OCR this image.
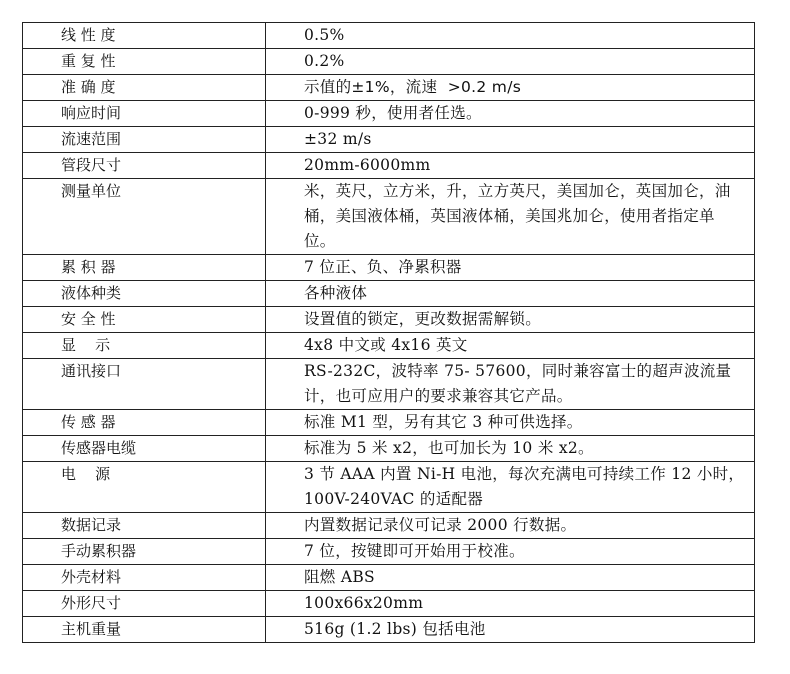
线 性 度	0.5%
重 复 性	0.2%
准 确 度	示值的±1%，流速  >0.2 m/s
响应时间	0-999 秒，使用者任选。
流速范围	±32 m/s
管段尺寸	20mm-6000mm
测量单位	米，英尺，立方米，升，立方英尺，美国加仑，英国加仑，油桶，美国液体桶，英国液体桶，美国兆加仑，使用者指定单位。
累 积 器	7 位正、负、净累积器
液体种类	各种液体
安 全 性	设置值的锁定，更改数据需解锁。
显    示	4x8 中文或 4x16 英文
通讯接口	RS-232C，波特率 75- 57600，同时兼容富士的超声波流量计，也可应用户的要求兼容其它产品。
传 感 器	标准 M1 型，另有其它 3 种可供选择。
传感器电缆	标准为 5 米 x2，也可加长为 10 米 x2。
电    源	3 节 AAA 内置 Ni-H 电池，每次充满电可持续工作 12 小时，100V-240VAC 的适配器
数据记录	内置数据记录仪可记录 2000 行数据。
手动累积器	7 位，按键即可开始用于校准。
外壳材料	阻燃 ABS
外形尺寸	100x66x20mm
主机重量	516g (1.2 lbs) 包括电池
